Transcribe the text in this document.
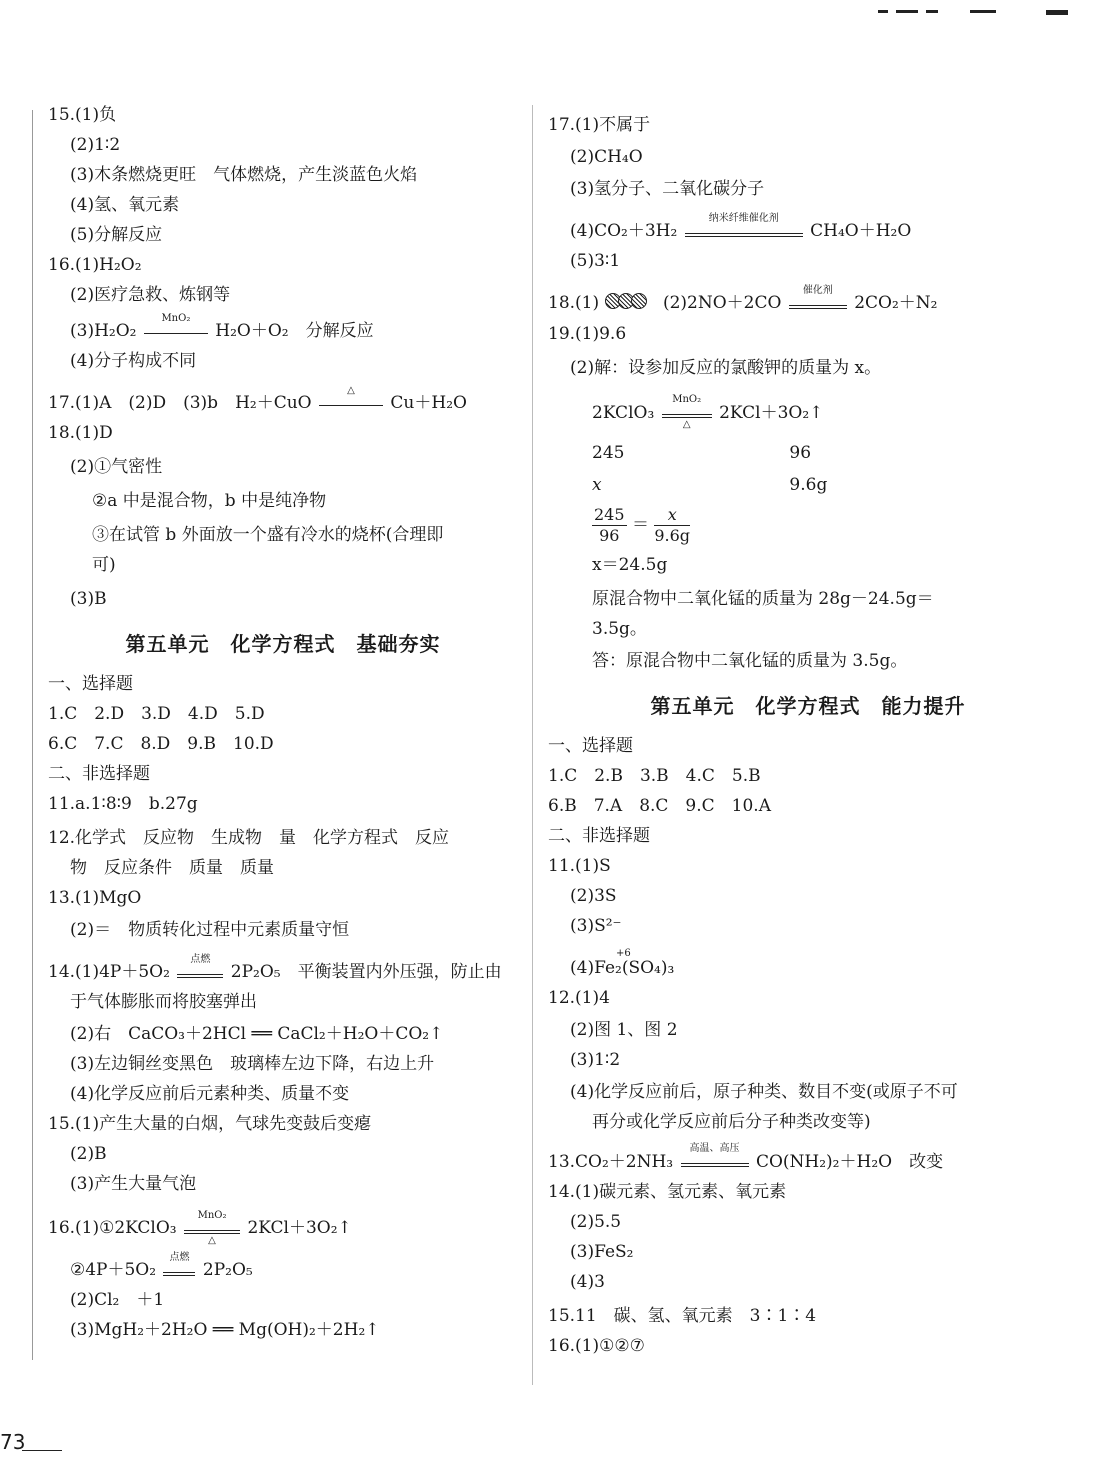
15.(1)负
(2)1∶2
(3)木条燃烧更旺　气体燃烧，产生淡蓝色火焰
(4)氢、氧元素
(5)分解反应
16.(1)H₂O₂
(2)医疗急救、炼钢等
(3)H₂O₂
MnO₂
H₂O＋O₂　分解反应
(4)分子构成不同
17.(1)A　(2)D　(3)b　H₂＋CuO
△
Cu＋H₂O
18.(1)D
(2)①气密性
②a 中是混合物，b 中是纯净物
③在试管 b 外面放一个盛有冷水的烧杯(合理即
可)
(3)B
第五单元　化学方程式　基础夯实
一、选择题
1.C　2.D　3.D　4.D　5.D
6.C　7.C　8.D　9.B　10.D
二、非选择题
11.a.1∶8∶9　b.27g
12.化学式　反应物　生成物　量　化学方程式　反应
物　反应条件　质量　质量
13.(1)MgO
(2)＝　物质转化过程中元素质量守恒
14.(1)4P＋5O₂
点燃
2P₂O₅　平衡装置内外压强，防止由
于气体膨胀而将胶塞弹出
(2)右　CaCO₃＋2HCl ══ CaCl₂＋H₂O＋CO₂↑
(3)左边铜丝变黑色　玻璃棒左边下降，右边上升
(4)化学反应前后元素种类、质量不变
15.(1)产生大量的白烟，气球先变鼓后变瘪
(2)B
(3)产生大量气泡
16.(1)①2KClO₃
MnO₂
△
2KCl＋3O₂↑
②4P＋5O₂
点燃
2P₂O₅
(2)Cl₂　＋1
(3)MgH₂＋2H₂O ══ Mg(OH)₂＋2H₂↑
17.(1)不属于
(2)CH₄O
(3)氢分子、二氧化碳分子
(4)CO₂＋3H₂
纳米纤维催化剂
CH₄O＋H₂O
(5)3∶1
18.(1)	(2)2NO＋2CO
催化剂
2CO₂＋N₂
19.(1)9.6
(2)解：设参加反应的氯酸钾的质量为 x。
2KClO₃
MnO₂
△
2KCl＋3O₂↑
245	96
x	9.6g
$\frac{245}{96} = \frac{x}{9.6g}$
x＝24.5g
原混合物中二氧化锰的质量为 28g－24.5g＝
3.5g。
答：原混合物中二氧化锰的质量为 3.5g。
第五单元　化学方程式　能力提升
一、选择题
1.C　2.B　3.B　4.C　5.B
6.B　7.A　8.C　9.C　10.A
二、非选择题
11.(1)S
(2)3S
(3)S²⁻
(4)Fe₂(SO₄)₃
+6
12.(1)4
(2)图 1、图 2
(3)1∶2
(4)化学反应前后，原子种类、数目不变(或原子不可
再分或化学反应前后分子种类改变等)
13.CO₂＋2NH₃
高温、高压
CO(NH₂)₂＋H₂O　改变
14.(1)碳元素、氢元素、氧元素
(2)5.5
(3)FeS₂
(4)3
15.11　碳、氢、氧元素　3∶1∶4
16.(1)①②⑦
73
